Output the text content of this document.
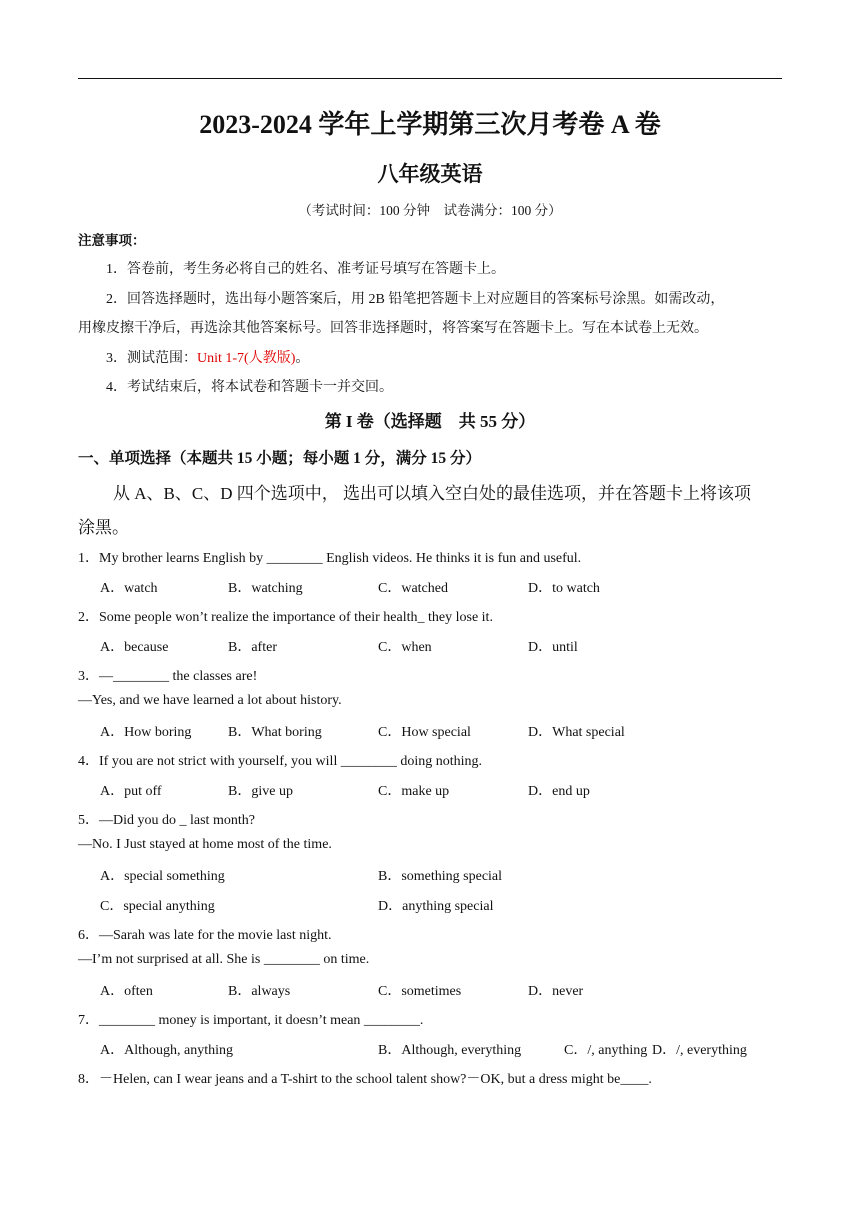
2023-2024 学年上学期第三次月考卷 A 卷
八年级英语
（考试时间：100 分钟　试卷满分：100 分）
注意事项：
1．答卷前，考生务必将自己的姓名、准考证号填写在答题卡上。
2．回答选择题时，选出每小题答案后，用 2B 铅笔把答题卡上对应题目的答案标号涂黑。如需改动，
用橡皮擦干净后，再选涂其他答案标号。回答非选择题时，将答案写在答题卡上。写在本试卷上无效。
3．测试范围：Unit 1-7(人教版)。
4．考试结束后，将本试卷和答题卡一并交回。
第 I 卷（选择题　共 55 分）
一、单项选择（本题共 15 小题；每小题 1 分，满分 15 分）
从 A、B、C、D 四个选项中， 选出可以填入空白处的最佳选项，并在答题卡上将该项
涂黑。
1．My brother learns English by ________ English videos. He thinks it is fun and useful.
A．watch	B．watching	C．watched	D．to watch
2．Some people won’t realize the importance of their health_ they lose it.
A．because	B．after	C．when	D．until
3．—________ the classes are!
—Yes, and we have learned a lot about history.
A．How boring	B．What boring	C．How special	D．What special
4．If you are not strict with yourself, you will ________ doing nothing.
A．put off	B．give up	C．make up	D．end up
5．—Did you do _ last month?
—No. I Just stayed at home most of the time.
A．special something	B．something special
C．special anything	D．anything special
6．—Sarah was late for the movie last night.
—I’m not surprised at all. She is ________ on time.
A．often	B．always	C．sometimes	D．never
7．________ money is important, it doesn’t mean ________.
A．Although, anything	B．Although, everything	C．/, anything D．/, everything
8．－Helen, can I wear jeans and a T-shirt to the school talent show?－OK, but a dress might be____.
